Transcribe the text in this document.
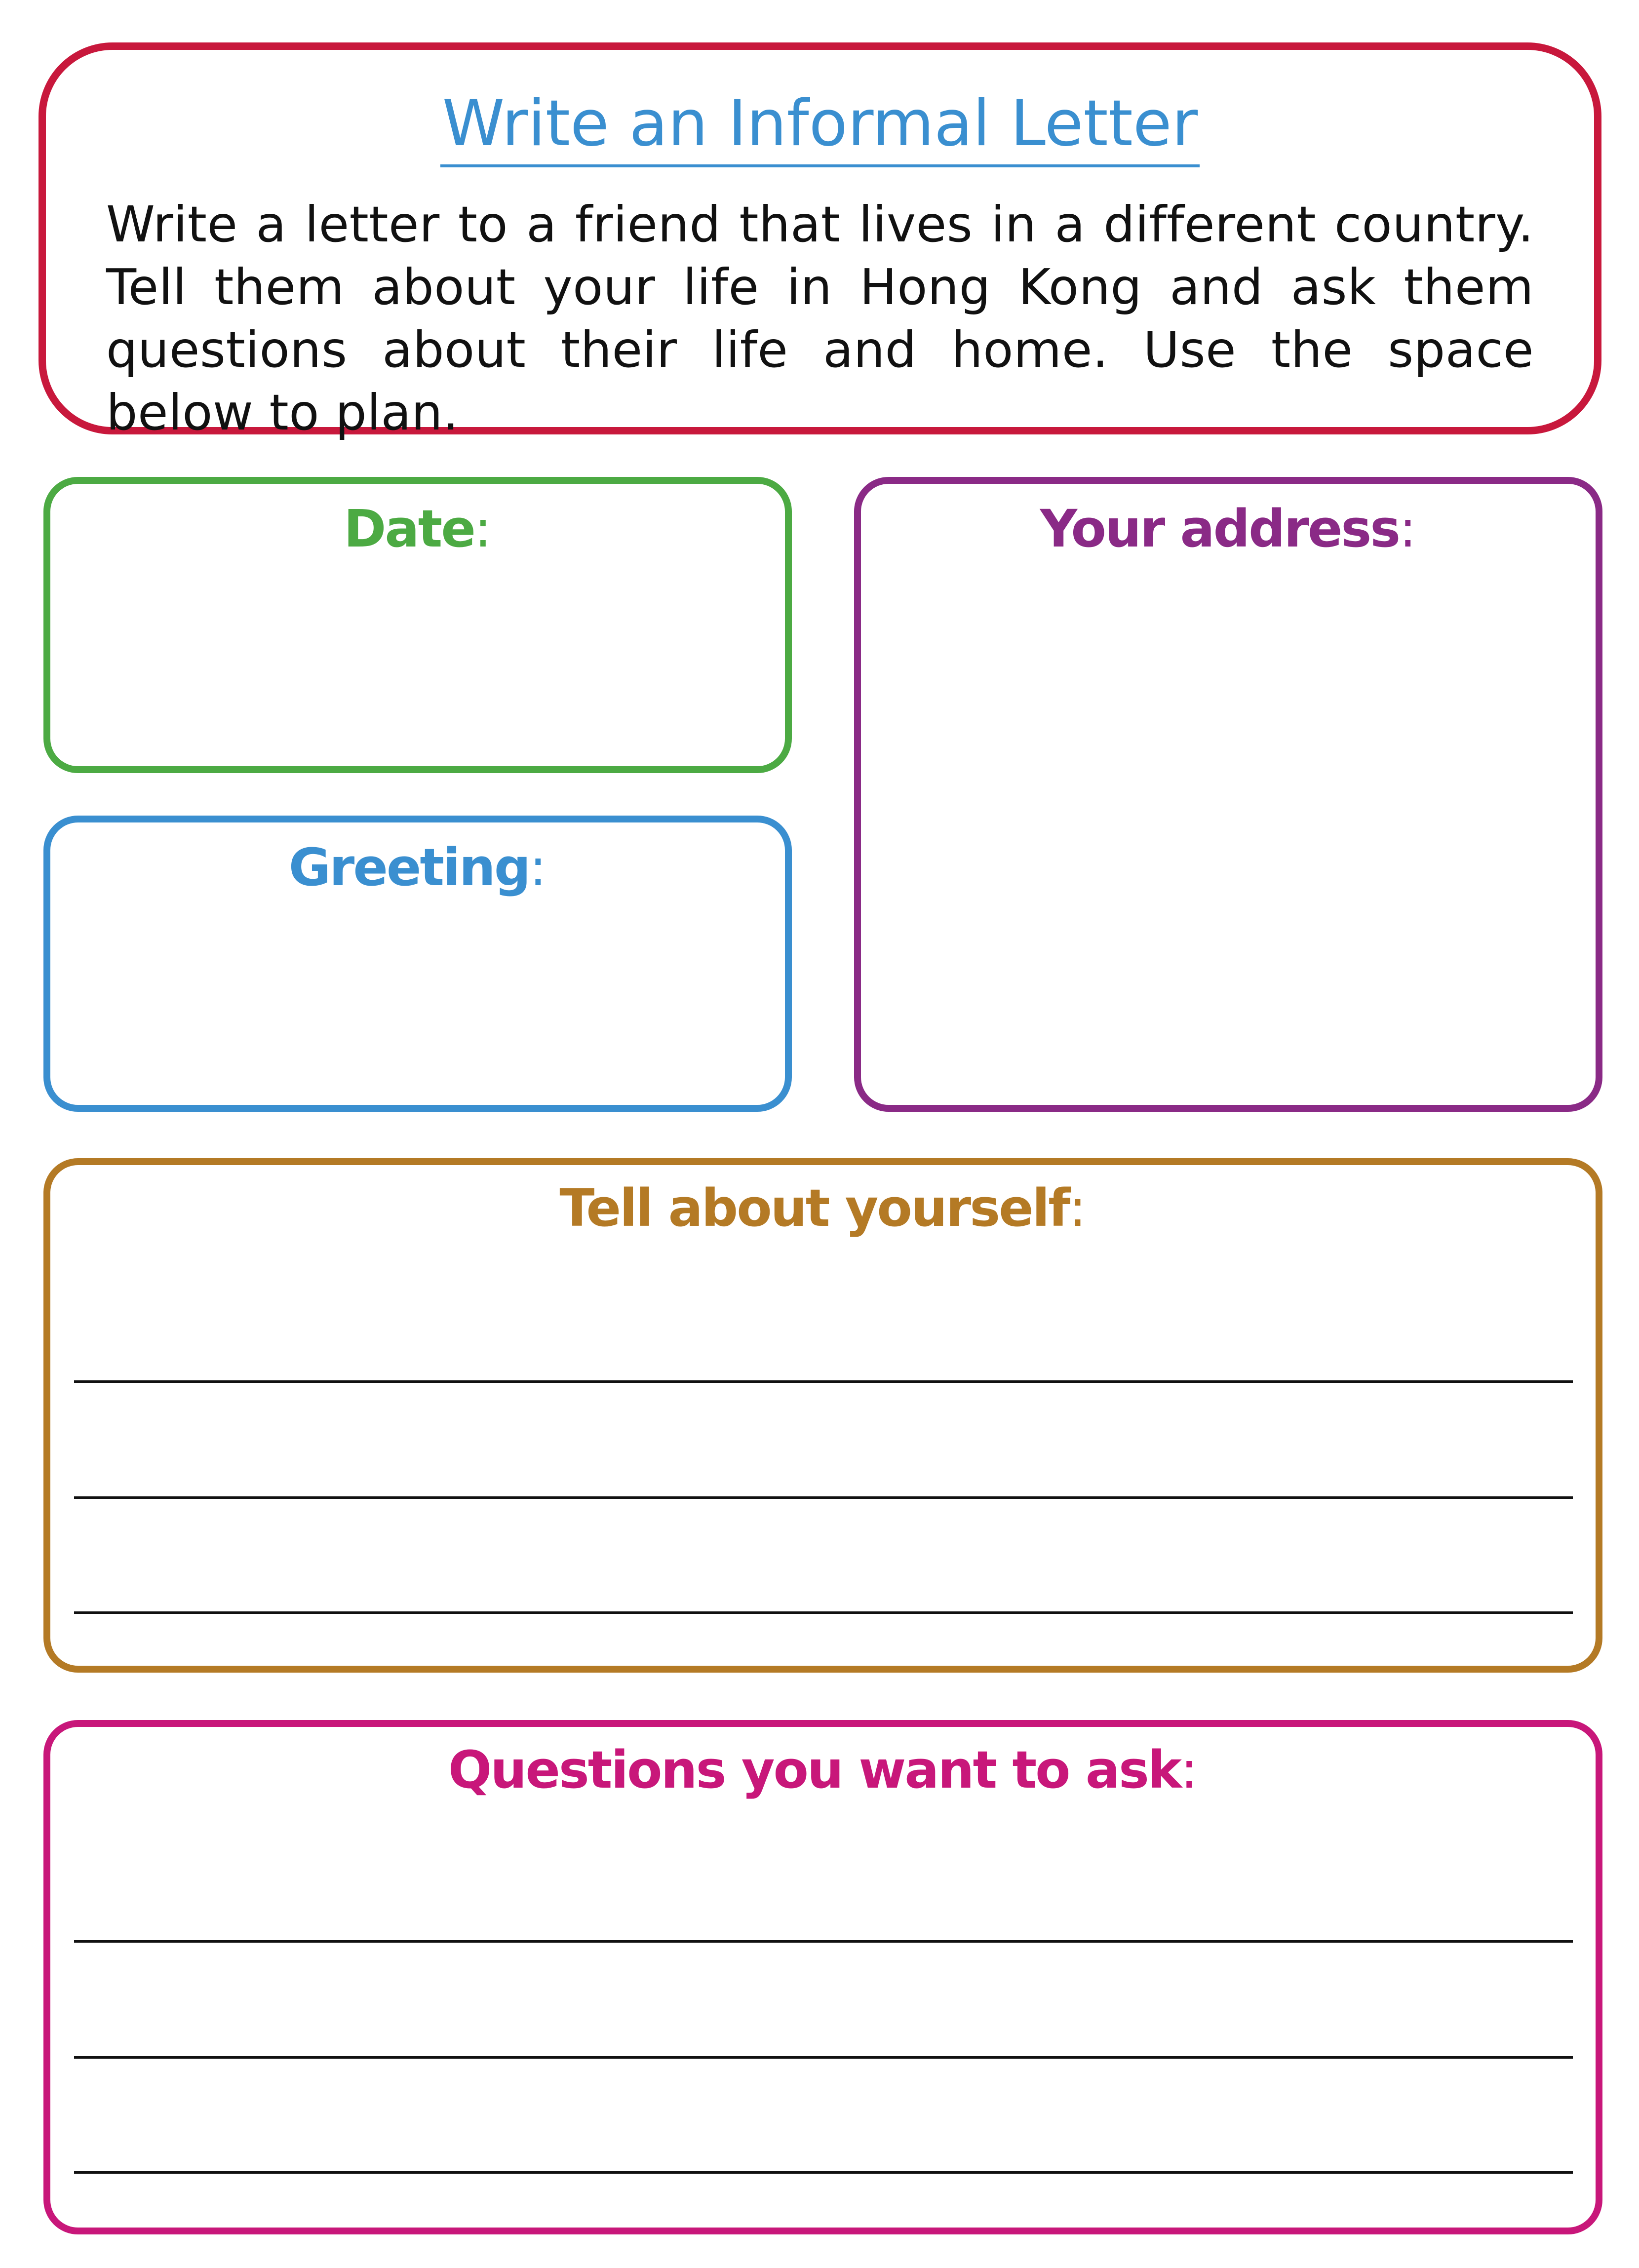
Write an Informal Letter
Write a letter to a friend that lives in a different country. Tell them about your life in Hong Kong and ask them questions about their life and home. Use the space below to plan.
Date:
Greeting:
Your address:
Tell about yourself:
Questions you want to ask:
